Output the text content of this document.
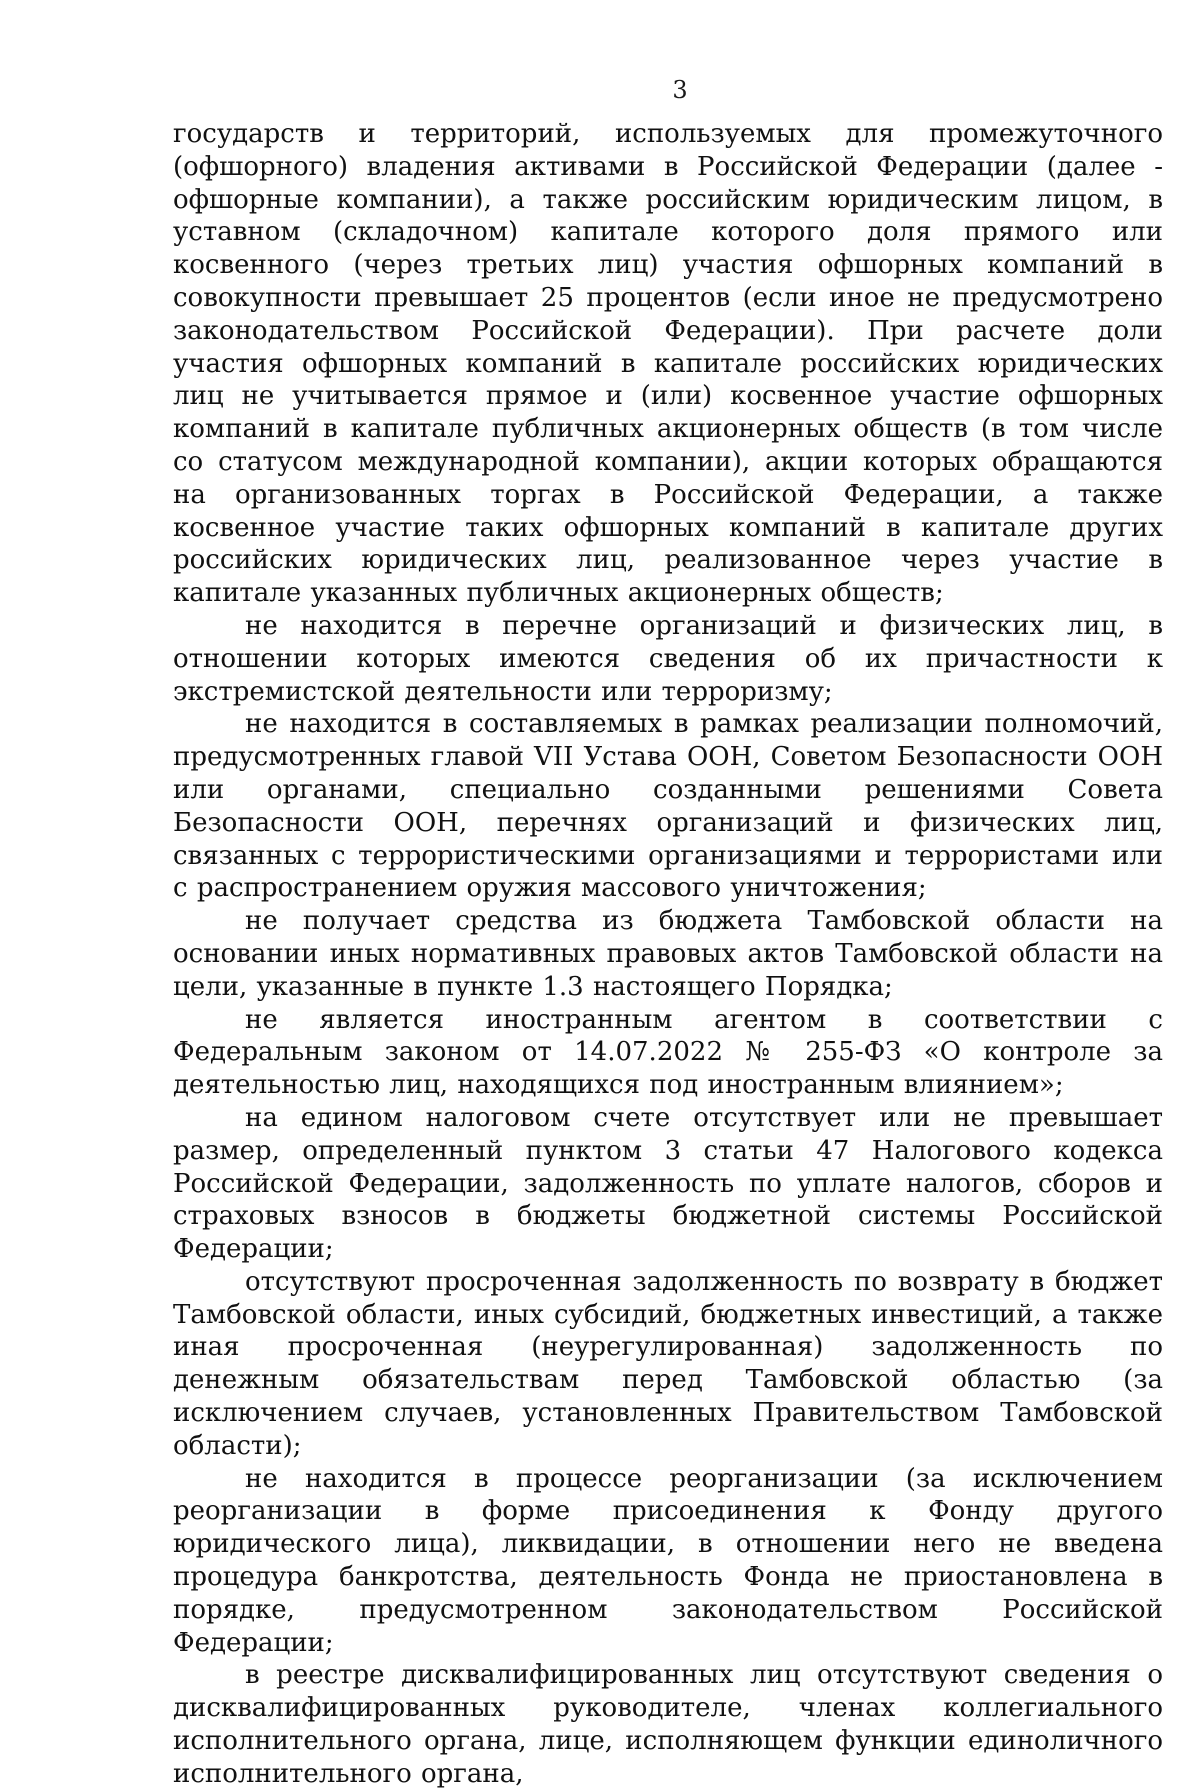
3

государств и территорий, используемых для промежуточного (офшорного) владения активами в Российской Федерации (далее - офшорные компании), а также российским юридическим лицом, в уставном (складочном) капитале которого доля прямого или косвенного (через третьих лиц) участия офшорных компаний в совокупности превышает 25 процентов (если иное не предусмотрено законодательством Российской Федерации). При расчете доли участия офшорных компаний в капитале российских юридических лиц не учитывается прямое и (или) косвенное участие офшорных компаний в капитале публичных акционерных обществ (в том числе со статусом международной компании), акции которых обращаются на организованных торгах в Российской Федерации, а также косвенное участие таких офшорных компаний в капитале других российских юридических лиц, реализованное через участие в капитале указанных публичных акционерных обществ;

не находится в перечне организаций и физических лиц, в отношении которых имеются сведения об их причастности к экстремистской деятельности или терроризму;

не находится в составляемых в рамках реализации полномочий, предусмотренных главой VII Устава ООН, Советом Безопасности ООН или органами, специально созданными решениями Совета Безопасности ООН, перечнях организаций и физических лиц, связанных с террористическими организациями и террористами или с распространением оружия массового уничтожения;

не получает средства из бюджета Тамбовской области на основании иных нормативных правовых актов Тамбовской области на цели, указанные в пункте 1.3 настоящего Порядка;

не является иностранным агентом в соответствии с Федеральным законом от 14.07.2022 № 255-ФЗ «О контроле за деятельностью лиц, находящихся под иностранным влиянием»;

на едином налоговом счете отсутствует или не превышает размер, определенный пунктом 3 статьи 47 Налогового кодекса Российской Федерации, задолженность по уплате налогов, сборов и страховых взносов в бюджеты бюджетной системы Российской Федерации;

отсутствуют просроченная задолженность по возврату в бюджет Тамбовской области, иных субсидий, бюджетных инвестиций, а также иная просроченная (неурегулированная) задолженность по денежным обязательствам перед Тамбовской областью (за исключением случаев, установленных Правительством Тамбовской области);

не находится в процессе реорганизации (за исключением реорганизации в форме присоединения к Фонду другого юридического лица), ликвидации, в отношении него не введена процедура банкротства, деятельность Фонда не приостановлена в порядке, предусмотренном законодательством Российской Федерации;

в реестре дисквалифицированных лиц отсутствуют сведения о дисквалифицированных руководителе, членах коллегиального исполнительного органа, лице, исполняющем функции единоличного исполнительного органа,
